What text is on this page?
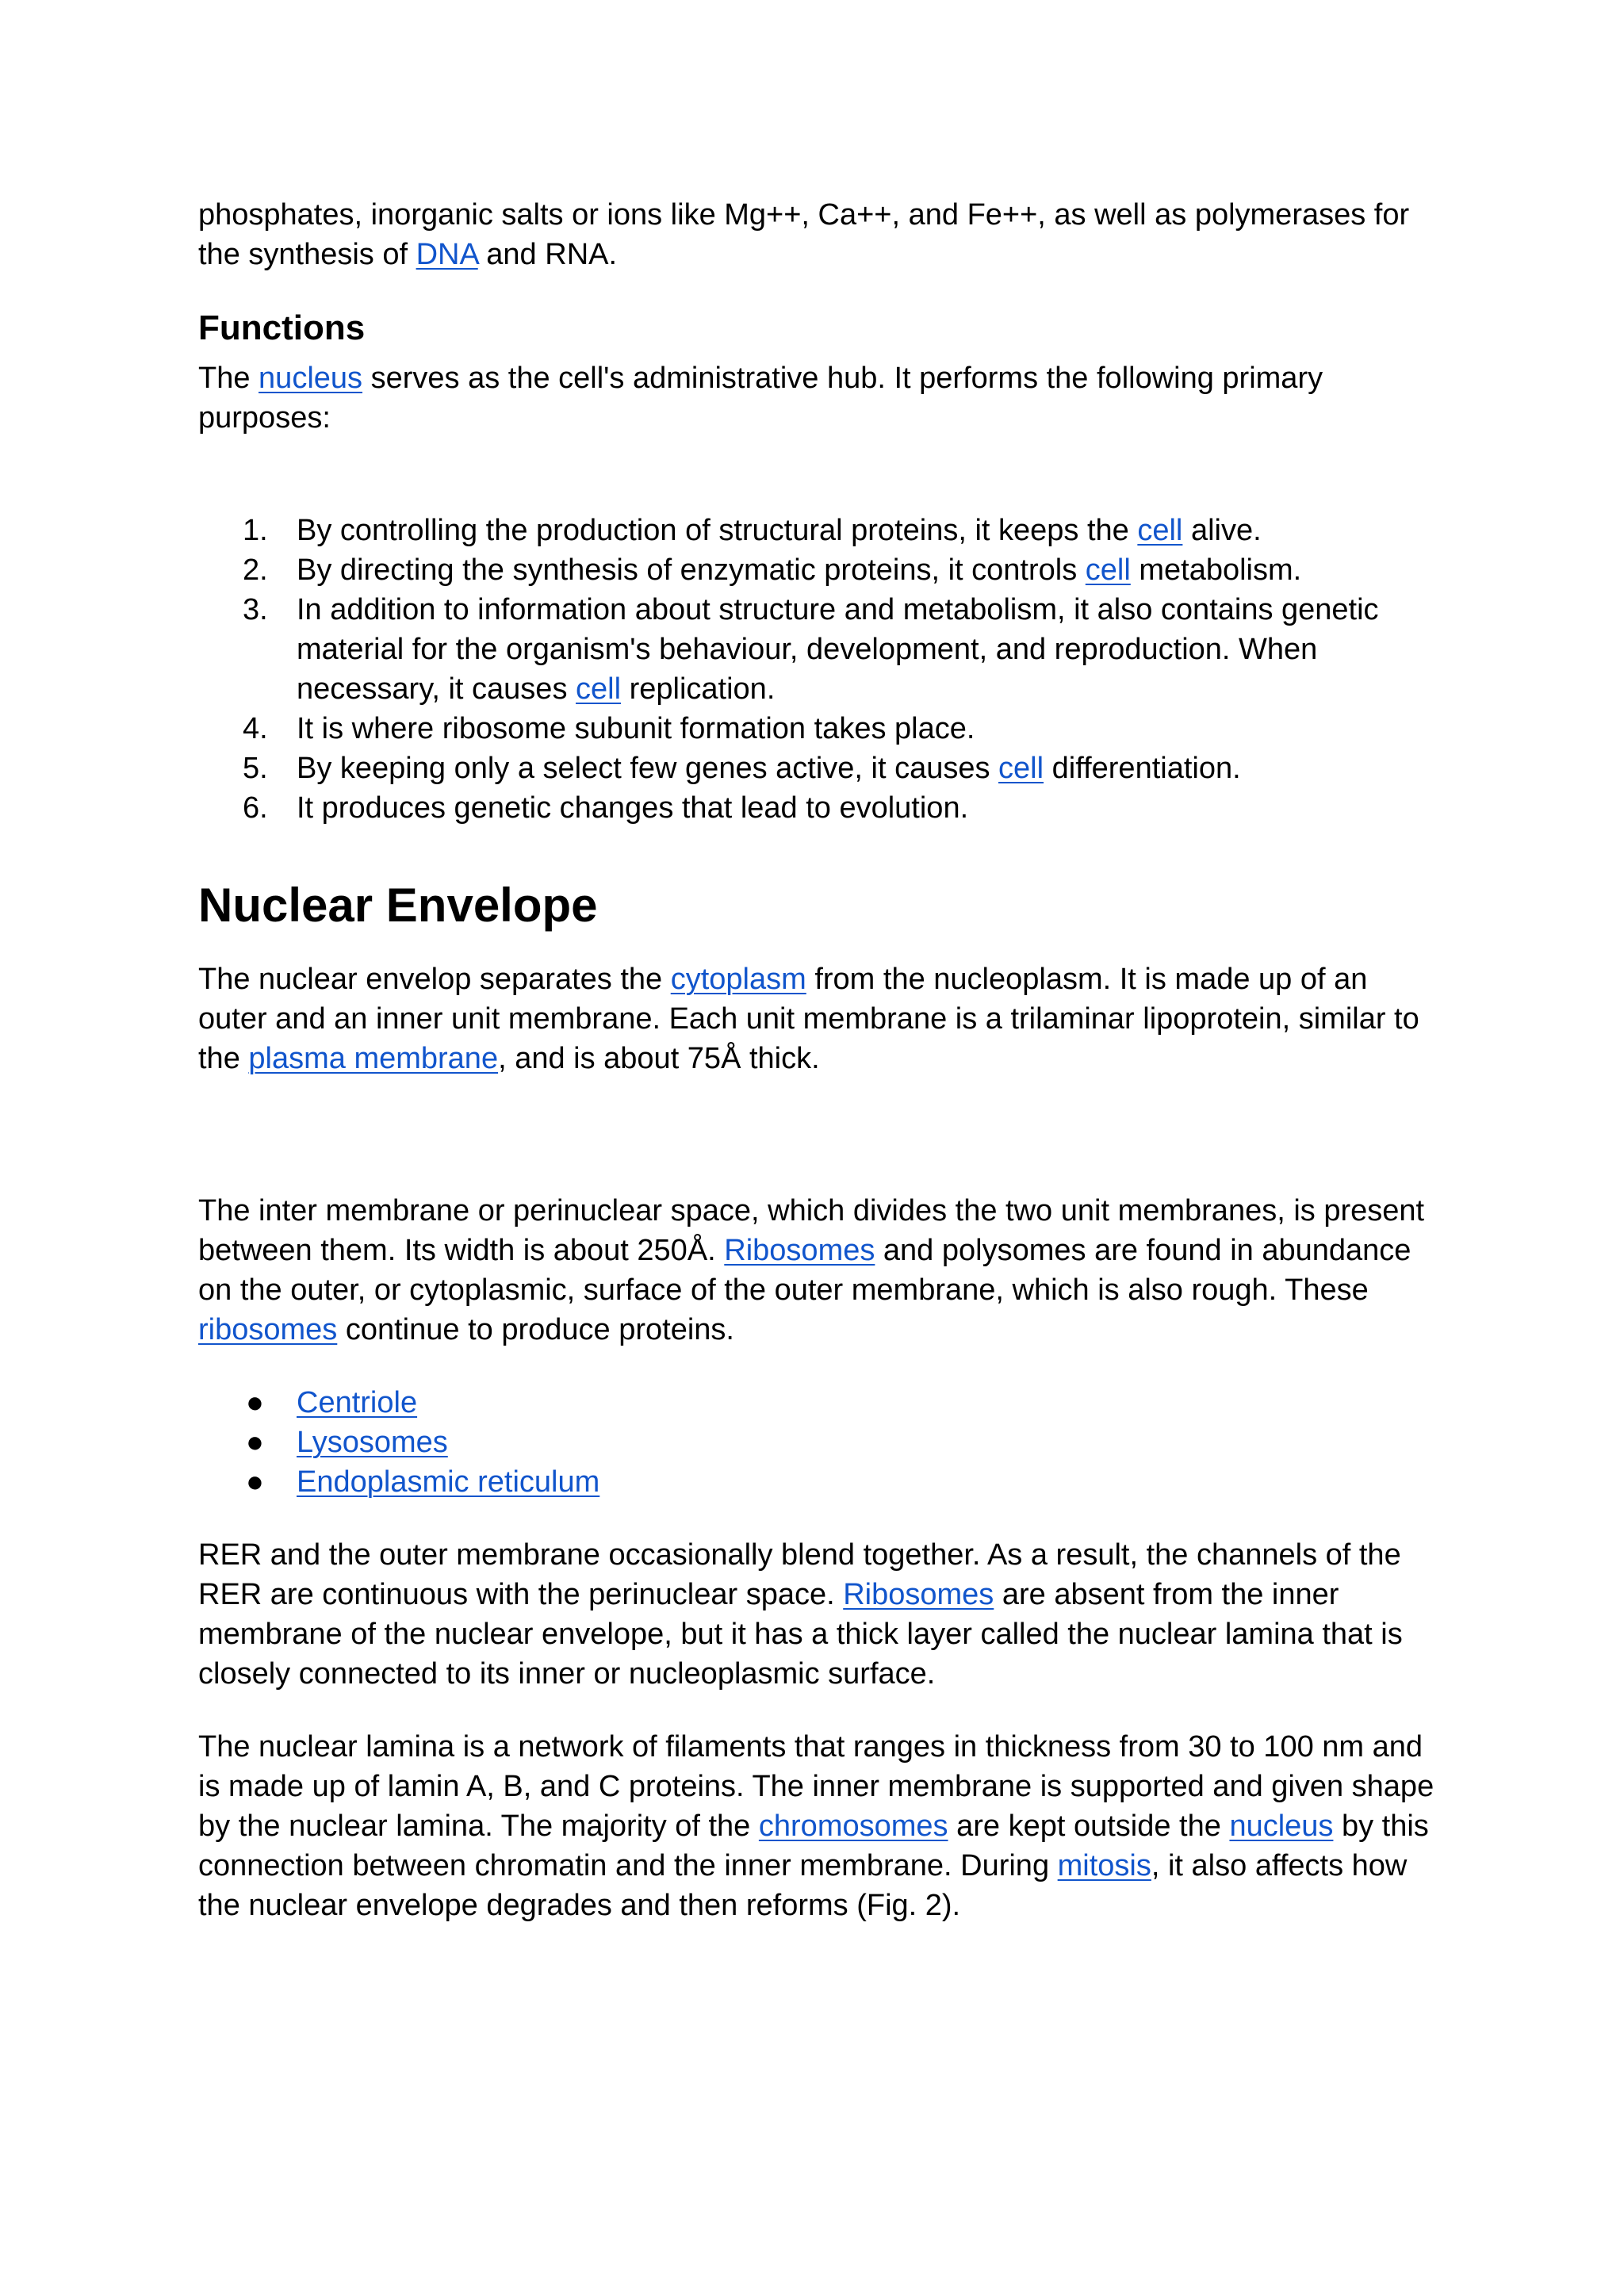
phosphates, inorganic salts or ions like Mg++, Ca++, and Fe++, as well as polymerases for
the synthesis of DNA and RNA.

Functions

The nucleus serves as the cell's administrative hub. It performs the following primary purposes:

1. By controlling the production of structural proteins, it keeps the cell alive.
2. By directing the synthesis of enzymatic proteins, it controls cell metabolism.
3. In addition to information about structure and metabolism, it also contains genetic material for the organism's behaviour, development, and reproduction. When necessary, it causes cell replication.
4. It is where ribosome subunit formation takes place.
5. By keeping only a select few genes active, it causes cell differentiation.
6. It produces genetic changes that lead to evolution.
Nuclear Envelope

The nuclear envelop separates the cytoplasm from the nucleoplasm. It is made up of an outer and an inner unit membrane. Each unit membrane is a trilaminar lipoprotein, similar to the plasma membrane, and is about 75Å thick.

The inter membrane or perinuclear space, which divides the two unit membranes, is present between them. Its width is about 250Å. Ribosomes and polysomes are found in abundance on the outer, or cytoplasmic, surface of the outer membrane, which is also rough. These ribosomes continue to produce proteins.

● Centriole
● Lysosomes
● Endoplasmic reticulum

RER and the outer membrane occasionally blend together. As a result, the channels of the RER are continuous with the perinuclear space. Ribosomes are absent from the inner membrane of the nuclear envelope, but it has a thick layer called the nuclear lamina that is closely connected to its inner or nucleoplasmic surface.

The nuclear lamina is a network of filaments that ranges in thickness from 30 to 100 nm and is made up of lamin A, B, and C proteins. The inner membrane is supported and given shape by the nuclear lamina. The majority of the chromosomes are kept outside the nucleus by this connection between chromatin and the inner membrane. During mitosis, it also affects how the nuclear envelope degrades and then reforms (Fig. 2).
